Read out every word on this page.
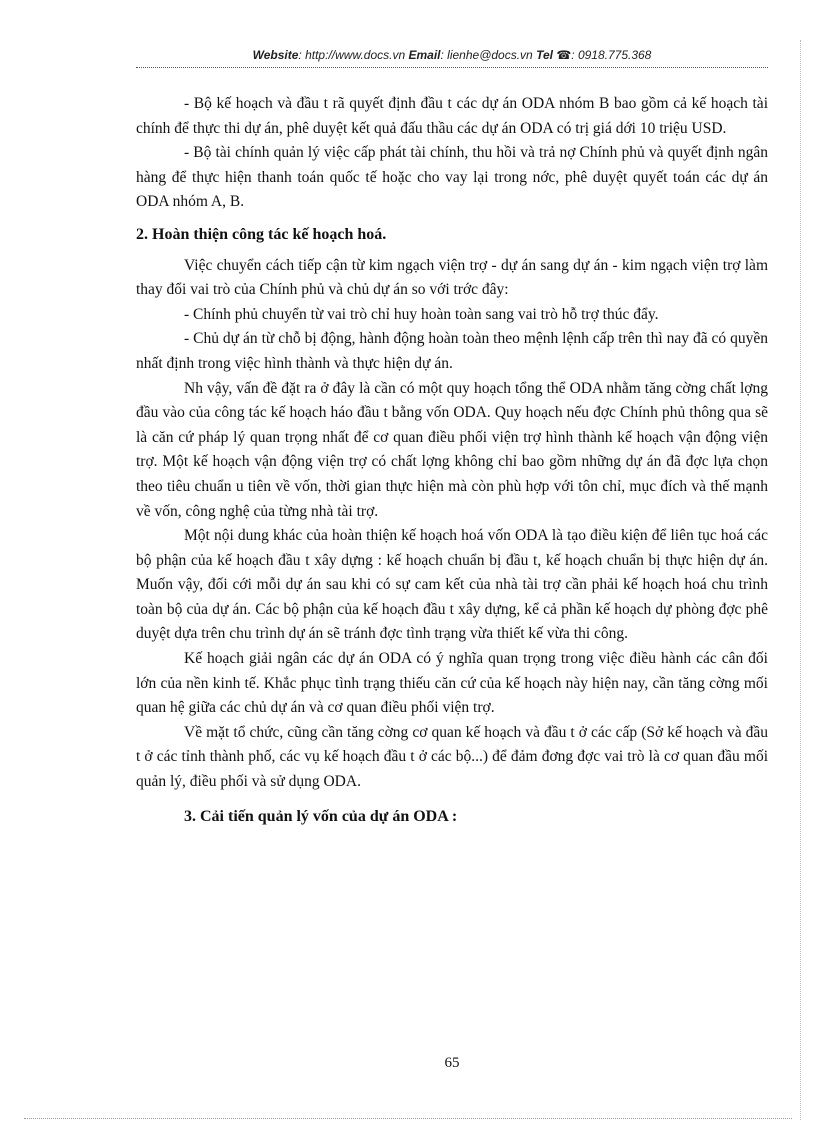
Website: http://www.docs.vn Email: lienhe@docs.vn Tel ☎: 0918.775.368

- Bộ kế hoạch và đầu t rã quyết định đầu t các dự án ODA nhóm B bao gồm cả kế hoạch tài chính để thực thi dự án, phê duyệt kết quả đấu thầu các dự án ODA có trị giá dới 10 triệu USD.

- Bộ tài chính quản lý việc cấp phát tài chính, thu hồi và trả nợ Chính phủ và quyết định ngân hàng để thực hiện thanh toán quốc tế hoặc cho vay lại trong nớc, phê duyệt quyết toán các dự án ODA nhóm A, B.

2. Hoàn thiện công tác kế hoạch hoá.

Việc chuyển cách tiếp cận từ kim ngạch viện trợ - dự án sang dự án - kim ngạch viện trợ làm thay đổi vai trò của Chính phủ và chủ dự án so với trớc đây:

- Chính phủ chuyển từ vai trò chỉ huy hoàn toàn sang vai trò hỗ trợ thúc đẩy.

- Chủ dự án từ chỗ bị động, hành động hoàn toàn theo mệnh lệnh cấp trên thì nay đã có quyền nhất định trong việc hình thành và thực hiện dự án.

Nh vậy, vấn đề đặt ra ở đây là cần có một quy hoạch tổng thể ODA nhằm tăng cờng chất lợng đầu vào của công tác kế hoạch háo đầu t bằng vốn ODA. Quy hoạch nếu đợc Chính phủ thông qua sẽ là căn cứ pháp lý quan trọng nhất để cơ quan điều phối viện trợ hình thành kế hoạch vận động viện trợ. Một kế hoạch vận động viện trợ có chất lợng không chỉ bao gồm những dự án đã đợc lựa chọn theo tiêu chuẩn u tiên về vốn, thời gian thực hiện mà còn phù hợp với tôn chỉ, mục đích và thế mạnh về vốn, công nghệ của từng nhà tài trợ.

Một nội dung khác của hoàn thiện kế hoạch hoá vốn ODA là tạo điều kiện để liên tục hoá các bộ phận của kế hoạch đầu t xây dựng : kế hoạch chuẩn bị đầu t, kế hoạch chuẩn bị thực hiện dự án. Muốn vậy, đối cới mỗi dự án sau khi có sự cam kết của nhà tài trợ cần phải kế hoạch hoá chu trình toàn bộ của dự án. Các bộ phận của kế hoạch đầu t xây dựng, kể cả phần kế hoạch dự phòng đợc phê duyệt dựa trên chu trình dự án sẽ tránh đợc tình trạng vừa thiết kế vừa thi công.

Kế hoạch giải ngân các dự án ODA có ý nghĩa quan trọng trong việc điều hành các cân đối lớn của nền kinh tế. Khắc phục tình trạng thiếu căn cứ của kế hoạch này hiện nay, cần tăng cờng mối quan hệ giữa các chủ dự án và cơ quan điều phối viện trợ.

Về mặt tổ chức, cũng cần tăng cờng cơ quan kế hoạch và đầu t ở các cấp (Sở kế hoạch và đầu t ở các tỉnh thành phố, các vụ kế hoạch đầu t ở các bộ...) để đảm đơng đợc vai trò là cơ quan đầu mối quản lý, điều phối và sử dụng ODA.

3. Cải tiến quản lý vốn của dự án ODA :
65
